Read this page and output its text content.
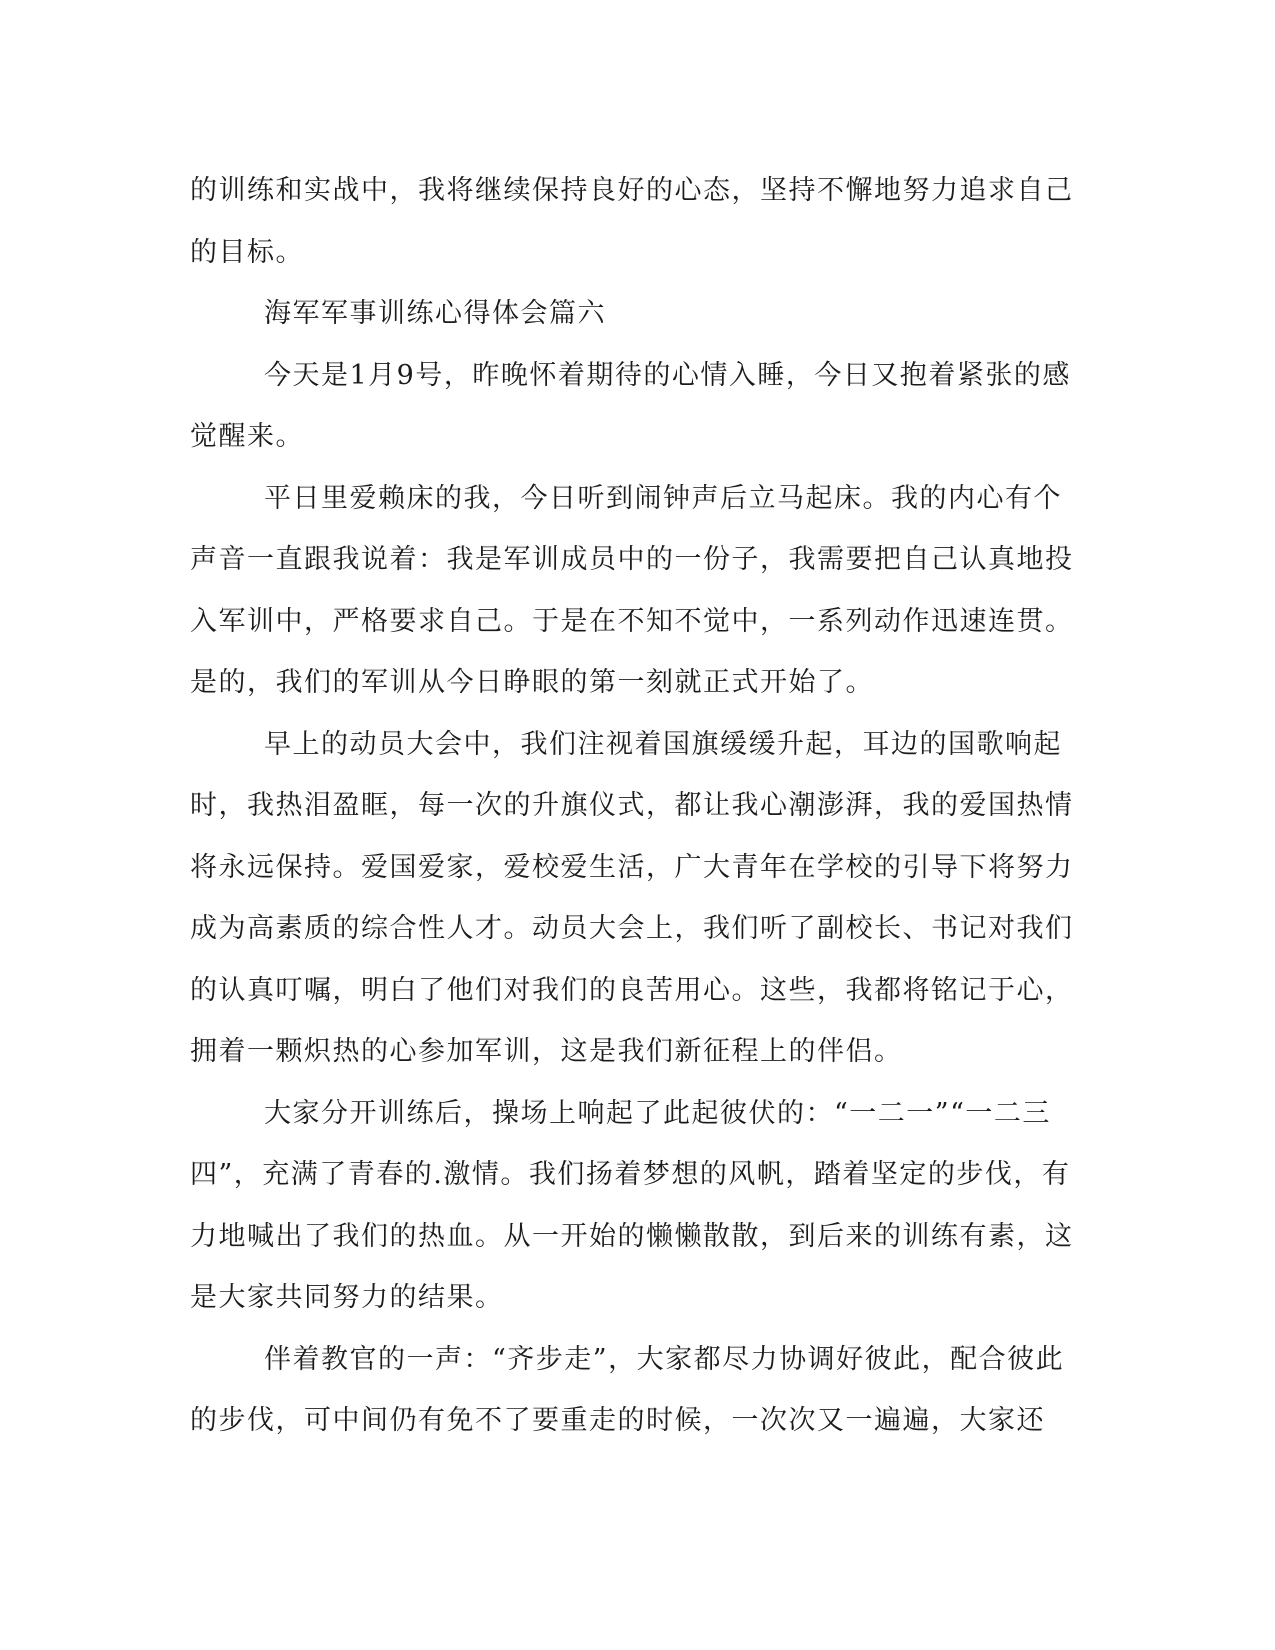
的训练和实战中，我将继续保持良好的心态，坚持不懈地努力追求自己的目标。

海军军事训练心得体会篇六

今天是1月9号，昨晚怀着期待的心情入睡，今日又抱着紧张的感觉醒来。

平日里爱赖床的我，今日听到闹钟声后立马起床。我的内心有个声音一直跟我说着：我是军训成员中的一份子，我需要把自己认真地投入军训中，严格要求自己。于是在不知不觉中，一系列动作迅速连贯。是的，我们的军训从今日睁眼的第一刻就正式开始了。

早上的动员大会中，我们注视着国旗缓缓升起，耳边的国歌响起时，我热泪盈眶，每一次的升旗仪式，都让我心潮澎湃，我的爱国热情将永远保持。爱国爱家，爱校爱生活，广大青年在学校的引导下将努力成为高素质的综合性人才。动员大会上，我们听了副校长、书记对我们的认真叮嘱，明白了他们对我们的良苦用心。这些，我都将铭记于心，拥着一颗炽热的心参加军训，这是我们新征程上的伴侣。

大家分开训练后，操场上响起了此起彼伏的：“一二一”“一二三四”，充满了青春的.激情。我们扬着梦想的风帆，踏着坚定的步伐，有力地喊出了我们的热血。从一开始的懒懒散散，到后来的训练有素，这是大家共同努力的结果。

伴着教官的一声：“齐步走”，大家都尽力协调好彼此，配合彼此的步伐，可中间仍有免不了要重走的时候，一次次又一遍遍，大家还
